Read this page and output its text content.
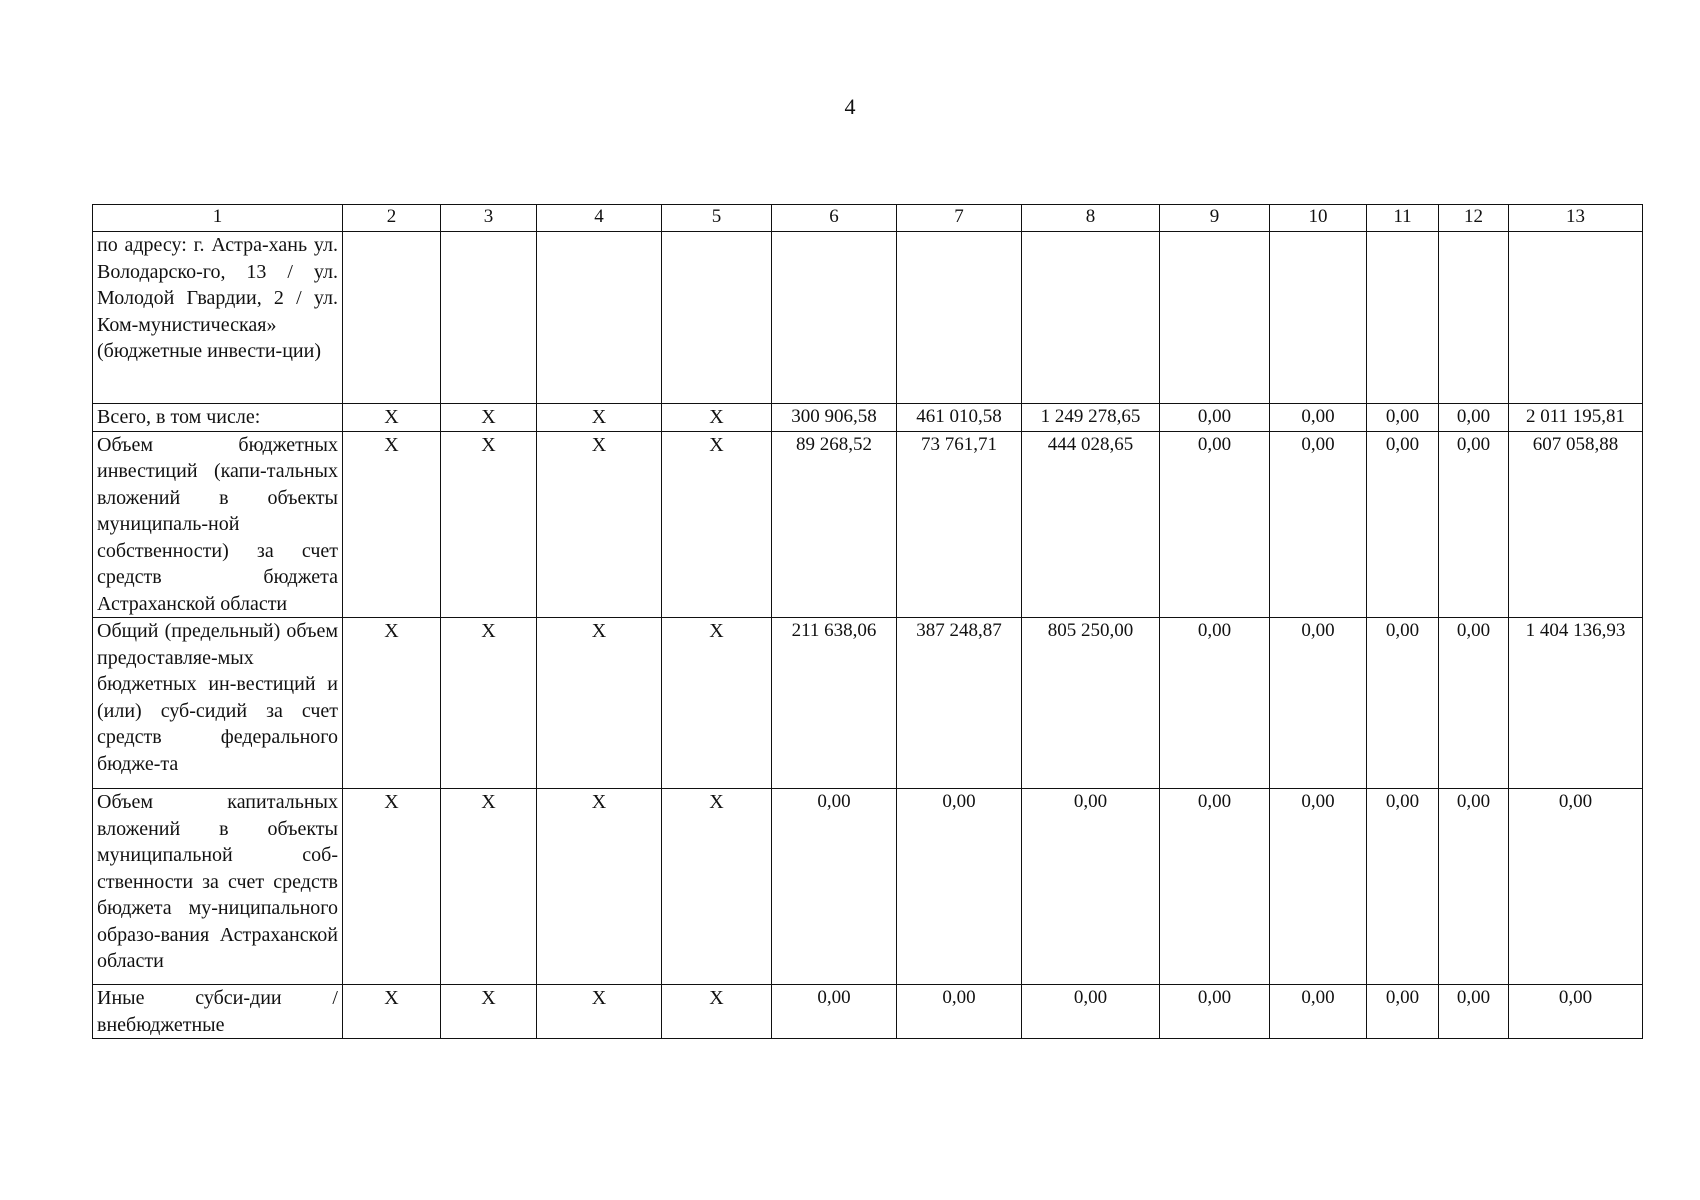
4
1	2	3	4	5	6	7	8	9	10	11	12	13
по адресу: г. Астра-хань ул. Володарско-го, 13 / ул. Молодой Гвардии, 2 / ул. Ком-мунистическая» (бюджетные инвести-ции)												
Всего, в том числе:	X	X	X	X	300 906,58	461 010,58	1 249 278,65	0,00	0,00	0,00	0,00	2 011 195,81
Объем бюджетных инвестиций (капи-тальных вложений в объекты муниципаль-ной собственности) за счет средств бюджета Астраханской области	X	X	X	X	89 268,52	73 761,71	444 028,65	0,00	0,00	0,00	0,00	607 058,88
Общий (предельный) объем предоставляе-мых бюджетных ин-вестиций и (или) суб-сидий за счет средств федерального бюдже-та	X	X	X	X	211 638,06	387 248,87	805 250,00	0,00	0,00	0,00	0,00	1 404 136,93
Объем капитальных вложений в объекты муниципальной соб-ственности за счет средств бюджета му-ниципального образо-вания Астраханской области	X	X	X	X	0,00	0,00	0,00	0,00	0,00	0,00	0,00	0,00
Иные субси-дии / внебюджетные	X	X	X	X	0,00	0,00	0,00	0,00	0,00	0,00	0,00	0,00
